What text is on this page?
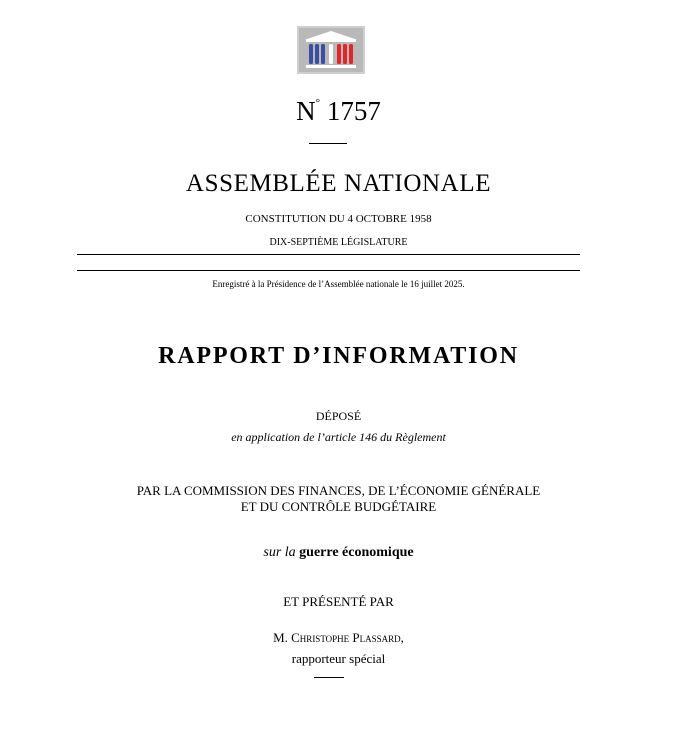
N° 1757
ASSEMBLÉE NATIONALE
CONSTITUTION DU 4 OCTOBRE 1958
DIX-SEPTIÈME LÉGISLATURE
Enregistré à la Présidence de l’Assemblée nationale le 16 juillet 2025.
RAPPORT D’INFORMATION
DÉPOSÉ
en application de l’article 146 du Règlement
PAR LA COMMISSION DES FINANCES, DE L’ÉCONOMIE GÉNÉRALE
ET DU CONTRÔLE BUDGÉTAIRE
sur la guerre économique
ET PRÉSENTÉ PAR
M. Christophe Plassard,
rapporteur spécial
